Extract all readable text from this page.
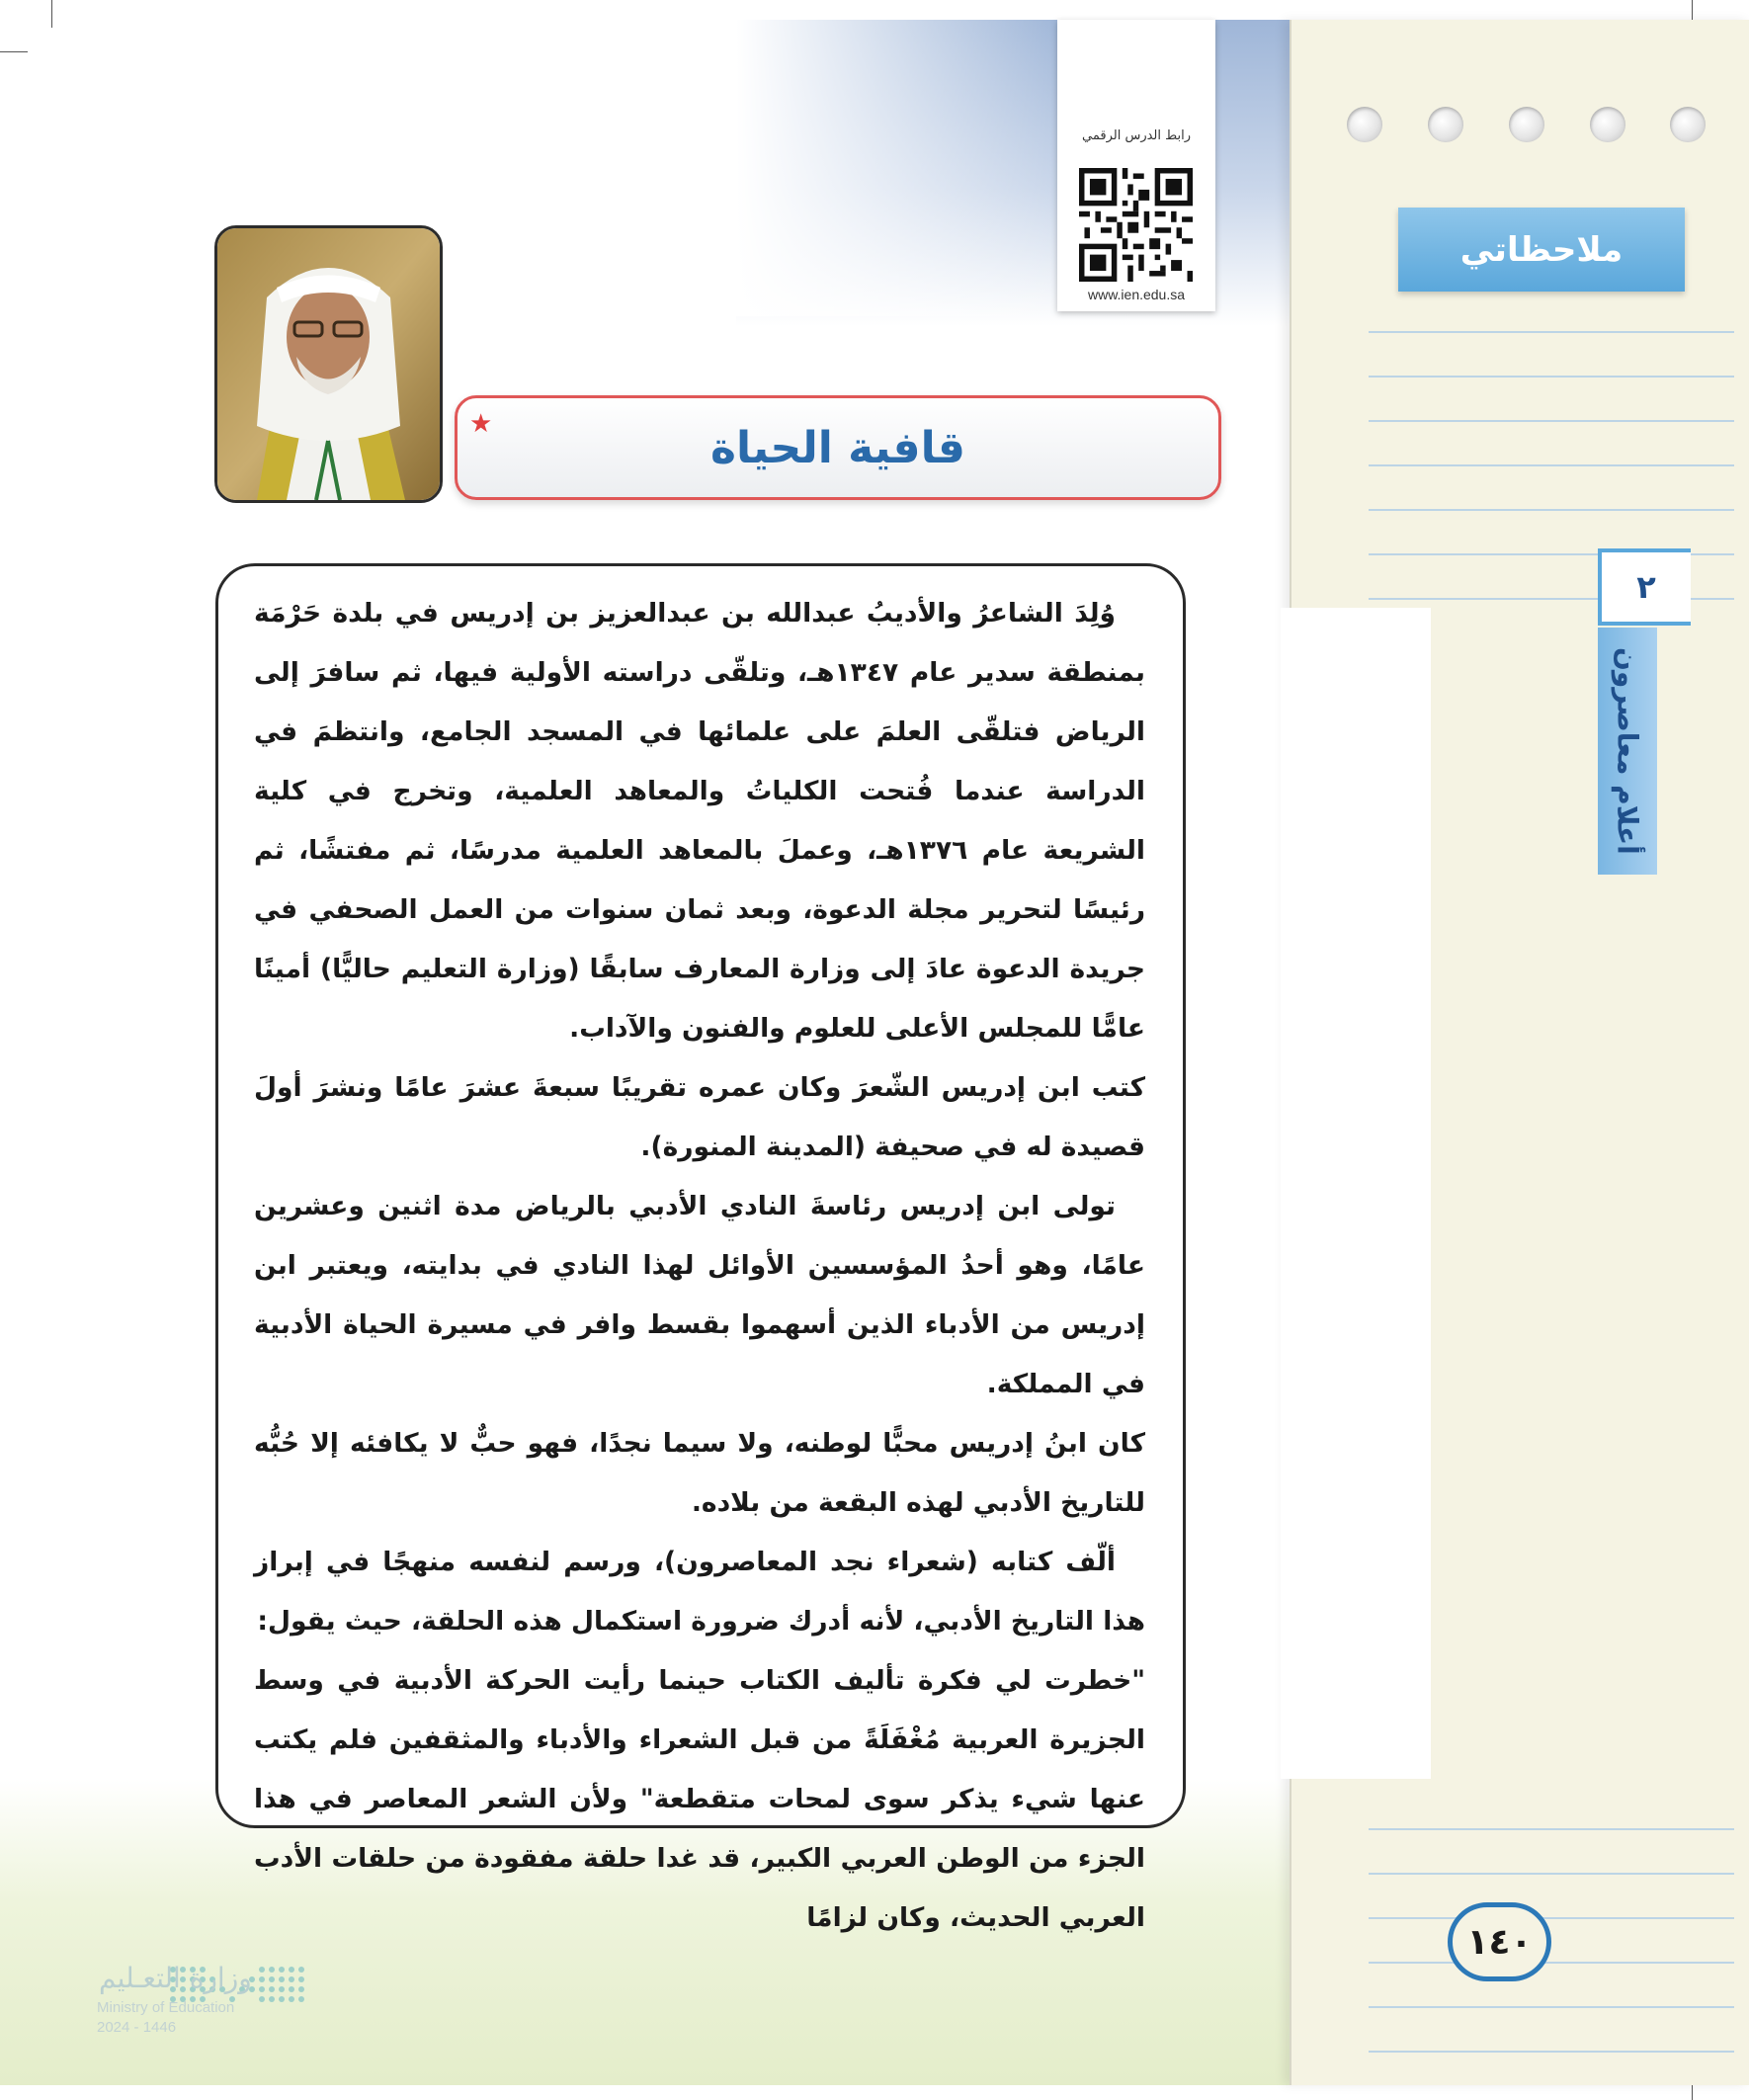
ملاحظاتي
٢
أعلام معاصرون
١٤٠
رابط الدرس الرقمي
www.ien.edu.sa
قافية الحياة
★

وُلِدَ الشاعرُ والأديبُ عبدالله بن عبدالعزيز بن إدريس في بلدة حَرْمَة بمنطقة سدير عام ١٣٤٧هـ، وتلقّى دراسته الأولية فيها، ثم سافرَ إلى الرياض فتلقّى العلمَ على علمائها في المسجد الجامع، وانتظمَ في الدراسة عندما فُتحت الكلياتُ والمعاهد العلمية، وتخرج في كلية الشريعة عام ١٣٧٦هـ، وعملَ بالمعاهد العلمية مدرسًا، ثم مفتشًا، ثم رئيسًا لتحرير مجلة الدعوة، وبعد ثمان سنوات من العمل الصحفي في جريدة الدعوة عادَ إلى وزارة المعارف سابقًا (وزارة التعليم حاليًّا) أمينًا عامًّا للمجلس الأعلى للعلوم والفنون والآداب.

كتب ابن إدريس الشّعرَ وكان عمره تقريبًا سبعةَ عشرَ عامًا ونشرَ أولَ قصيدة له في صحيفة (المدينة المنورة).

تولى ابن إدريس رئاسةَ النادي الأدبي بالرياض مدة اثنين وعشرين عامًا، وهو أحدُ المؤسسين الأوائل لهذا النادي في بدايته، ويعتبر ابن إدريس من الأدباء الذين أسهموا بقسط وافر في مسيرة الحياة الأدبية في المملكة.

كان ابنُ إدريس محبًّا لوطنه، ولا سيما نجدًا، فهو حبٌّ لا يكافئه إلا حُبُّه للتاريخ الأدبي لهذه البقعة من بلاده.

ألّف كتابه (شعراء نجد المعاصرون)، ورسم لنفسه منهجًا في إبراز هذا التاريخ الأدبي، لأنه أدرك ضرورة استكمال هذه الحلقة، حيث يقول:

"خطرت لي فكرة تأليف الكتاب حينما رأيت الحركة الأدبية في وسط الجزيرة العربية مُغْفَلَةً من قبل الشعراء والأدباء والمثقفين فلم يكتب عنها شيء يذكر سوى لمحات متقطعة" ولأن الشعر المعاصر في هذا الجزء من الوطن العربي الكبير، قد غدا حلقة مفقودة من حلقات الأدب العربي الحديث، وكان لزامًا

وزارة التعـليم
Ministry of Education
2024 - 1446
